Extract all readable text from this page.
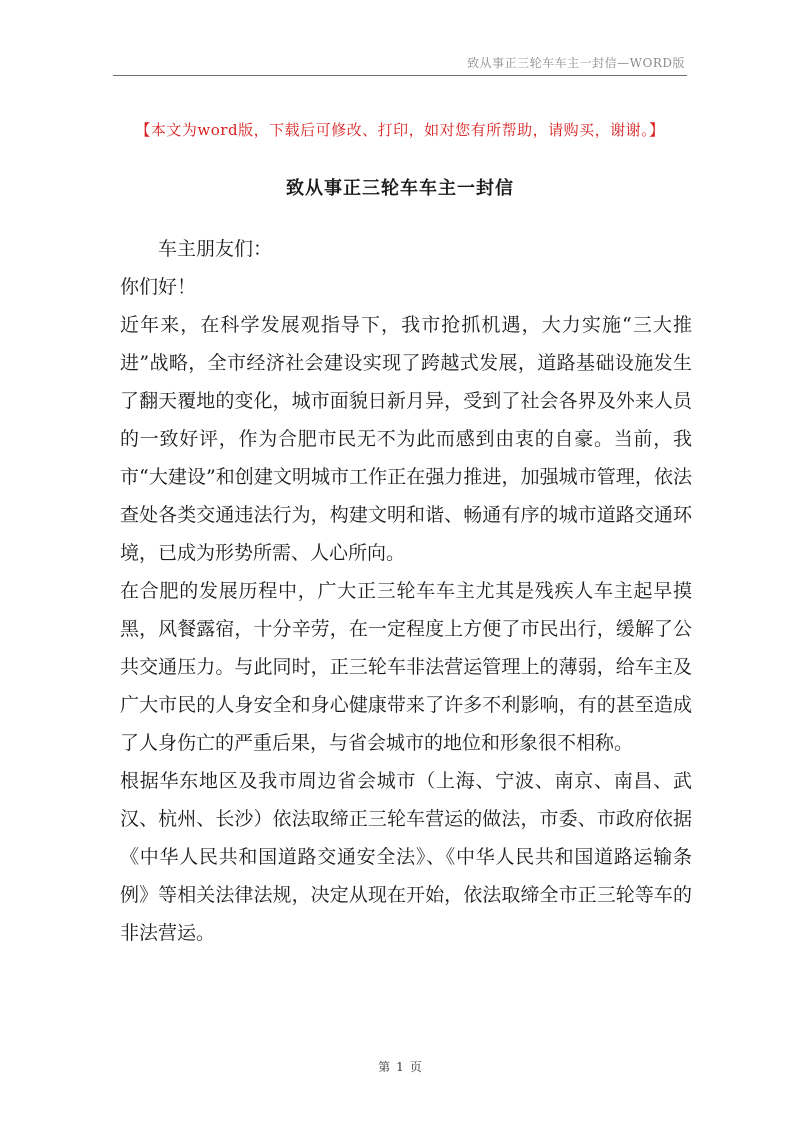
致从事正三轮车车主一封信—WORD版
【本文为word版，下载后可修改、打印，如对您有所帮助，请购买，谢谢。】
致从事正三轮车车主一封信

车主朋友们：

你们好！

近年来，在科学发展观指导下，我市抢抓机遇，大力实施“三大推进”战略，全市经济社会建设实现了跨越式发展，道路基础设施发生了翻天覆地的变化，城市面貌日新月异，受到了社会各界及外来人员的一致好评，作为合肥市民无不为此而感到由衷的自豪。当前，我市“大建设”和创建文明城市工作正在强力推进，加强城市管理，依法查处各类交通违法行为，构建文明和谐、畅通有序的城市道路交通环境，已成为形势所需、人心所向。

在合肥的发展历程中，广大正三轮车车主尤其是残疾人车主起早摸黑，风餐露宿，十分辛劳，在一定程度上方便了市民出行，缓解了公共交通压力。与此同时，正三轮车非法营运管理上的薄弱，给车主及广大市民的人身安全和身心健康带来了许多不利影响，有的甚至造成了人身伤亡的严重后果，与省会城市的地位和形象很不相称。

根据华东地区及我市周边省会城市（上海、宁波、南京、南昌、武汉、杭州、长沙）依法取缔正三轮车营运的做法，市委、市政府依据《中华人民共和国道路交通安全法》、《中华人民共和国道路运输条例》等相关法律法规，决定从现在开始，依法取缔全市正三轮等车的非法营运。

第 1 页
